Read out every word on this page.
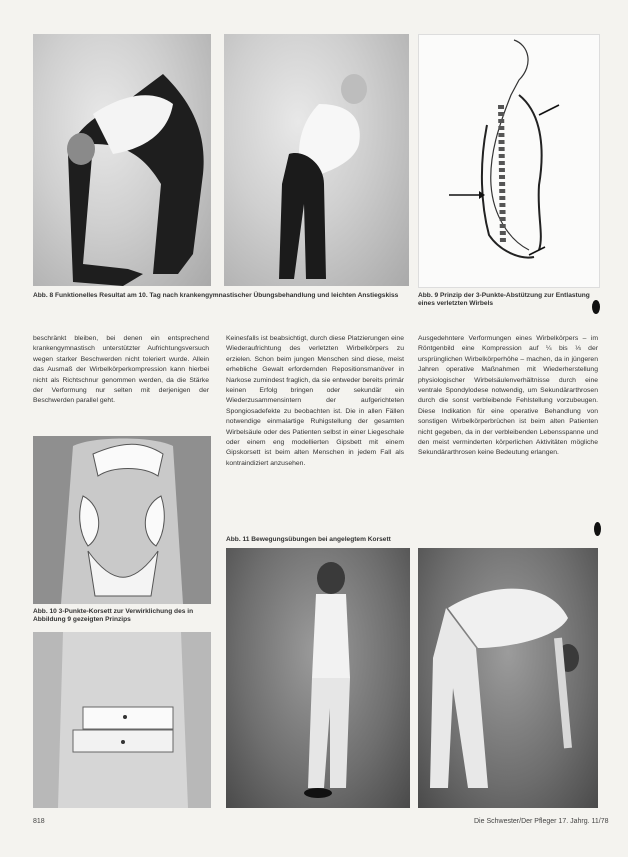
Abb. 8 Funktionelles Resultat am 10. Tag nach krankengymnastischer Übungsbehandlung und leichten Anstiegskiss	Abb. 9 Prinzip der 3-Punkte-Abstützung zur Entlastung eines verletzten Wirbels

beschränkt bleiben, bei denen ein entsprechend krankengymnastisch unterstützter Aufrichtungsversuch wegen starker Beschwerden nicht toleriert wurde. Allein das Ausmaß der Wirbelkörperkompression kann hierbei nicht als Richtschnur genommen werden, da die Stärke der Verformung nur selten mit derjenigen der Beschwerden parallel geht.

Keinesfalls ist beabsichtigt, durch diese Platzierungen eine Wiederaufrichtung des verletzten Wirbelkörpers zu erzielen. Schon beim jungen Menschen sind diese, meist erhebliche Gewalt erfordernden Repositionsmanöver in Narkose zumindest fraglich, da sie entweder bereits primär keinen Erfolg bringen oder sekundär ein Wiederzusammensintern der aufgerichteten Spongiosadefekte zu beobachten ist. Die in allen Fällen notwendige einmalartige Ruhigstellung der gesamten Wirbelsäule oder des Patienten selbst in einer Liegeschale oder einem eng modellierten Gipsbett mit einem Gipskorsett ist beim alten Menschen in jedem Fall als kontraindiziert anzusehen.

Ausgedehntere Verformungen eines Wirbelkörpers – im Röntgenbild eine Kompression auf ¼ bis ⅓ der ursprünglichen Wirbelkörperhöhe – machen, da in jüngeren Jahren operative Maßnahmen mit Wiederherstellung physiologischer Wirbelsäulenverhältnisse durch eine ventrale Spondylodese notwendig, um Sekundärarthrosen durch die sonst verbleibende Fehlstellung vorzubeugen. Diese Indikation für eine operative Behandlung von sonstigen Wirbelkörperbrüchen ist beim alten Patienten nicht gegeben, da in der verbleibenden Lebensspanne und den meist verminderten körperlichen Aktivitäten mögliche Sekundärarthrosen keine Bedeutung erlangen.

Abb. 10 3-Punkte-Korsett zur Verwirklichung des in Abbildung 9 gezeigten Prinzips
Abb. 11 Bewegungsübungen bei angelegtem Korsett
818	Die Schwester/Der Pfleger 17. Jahrg. 11/78
